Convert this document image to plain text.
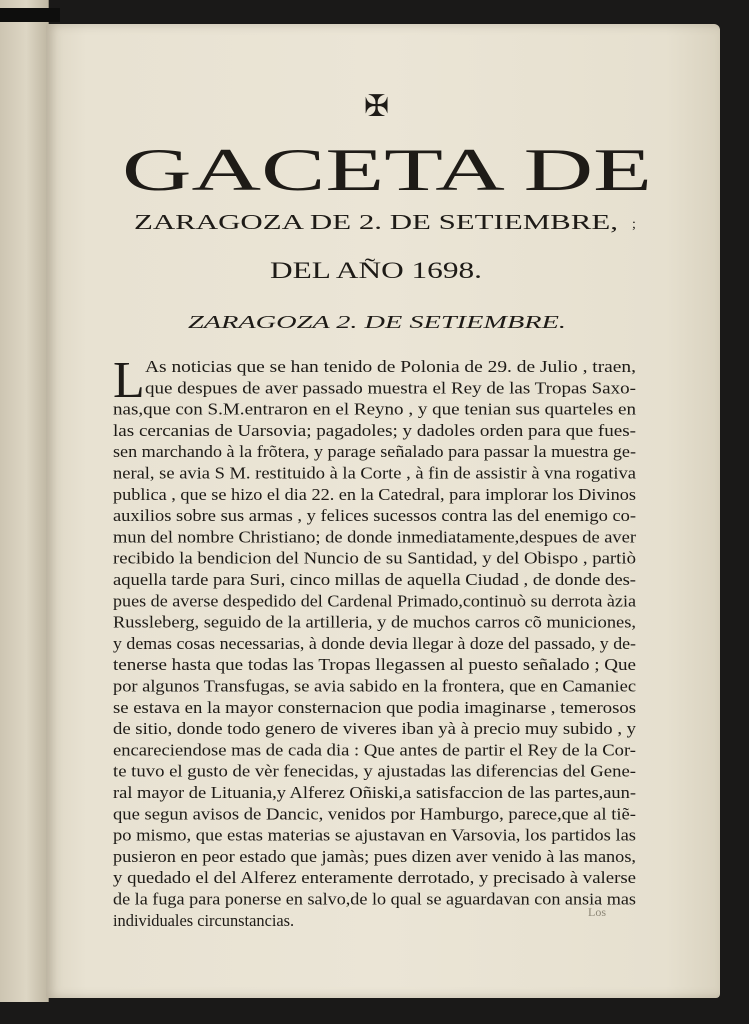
✠
GACETA DE
ZARAGOZA DE 2. DE SETIEMBRE,
DEL AÑO 1698.
ZARAGOZA 2. DE SETIEMBRE.
;
L As noticias que se han tenido de Polonia de 29. de Julio , traen,
que despues de aver passado muestra el Rey de las Tropas Saxo-
nas,que con S.M.entraron en el Reyno , y que tenian sus quarteles en
las cercanias de Uarsovia; pagadoles; y dadoles orden para que fues-
sen marchando à la frõtera, y parage señalado para passar la muestra ge-
neral, se avia S M. restituido à la Corte , à fin de assistir à vna rogativa
publica , que se hizo el dia 22. en la Catedral, para implorar los Divinos
auxilios sobre sus armas , y felices sucessos contra las del enemigo co-
mun del nombre Christiano; de donde inmediatamente,despues de aver
recibido la bendicion del Nuncio de su Santidad, y del Obispo , partiò
aquella tarde para Suri, cinco millas de aquella Ciudad , de donde des-
pues de averse despedido del Cardenal Primado,continuò su derrota àzia
Russleberg, seguido de la artilleria, y de muchos carros cõ municiones,
y demas cosas necessarias, à donde devia llegar à doze del passado, y de-
tenerse hasta que todas las Tropas llegassen al puesto señalado ; Que
por algunos Transfugas, se avia sabido en la frontera, que en Camaniec
se estava en la mayor consternacion que podia imaginarse , temerosos
de sitio, donde todo genero de viveres iban yà à precio muy subido , y
encareciendose mas de cada dia : Que antes de partir el Rey de la Cor-
te tuvo el gusto de vèr fenecidas, y ajustadas las diferencias del Gene-
ral mayor de Lituania,y Alferez Oñiski,a satisfaccion de las partes,aun-
que segun avisos de Dancic, venidos por Hamburgo, parece,que al tiẽ-
po mismo, que estas materias se ajustavan en Varsovia, los partidos las
pusieron en peor estado que jamàs; pues dizen aver venido à las manos,
y quedado el del Alferez enteramente derrotado, y precisado à valerse
de la fuga para ponerse en salvo,de lo qual se aguardavan con ansia mas
individuales circunstancias.	Los
